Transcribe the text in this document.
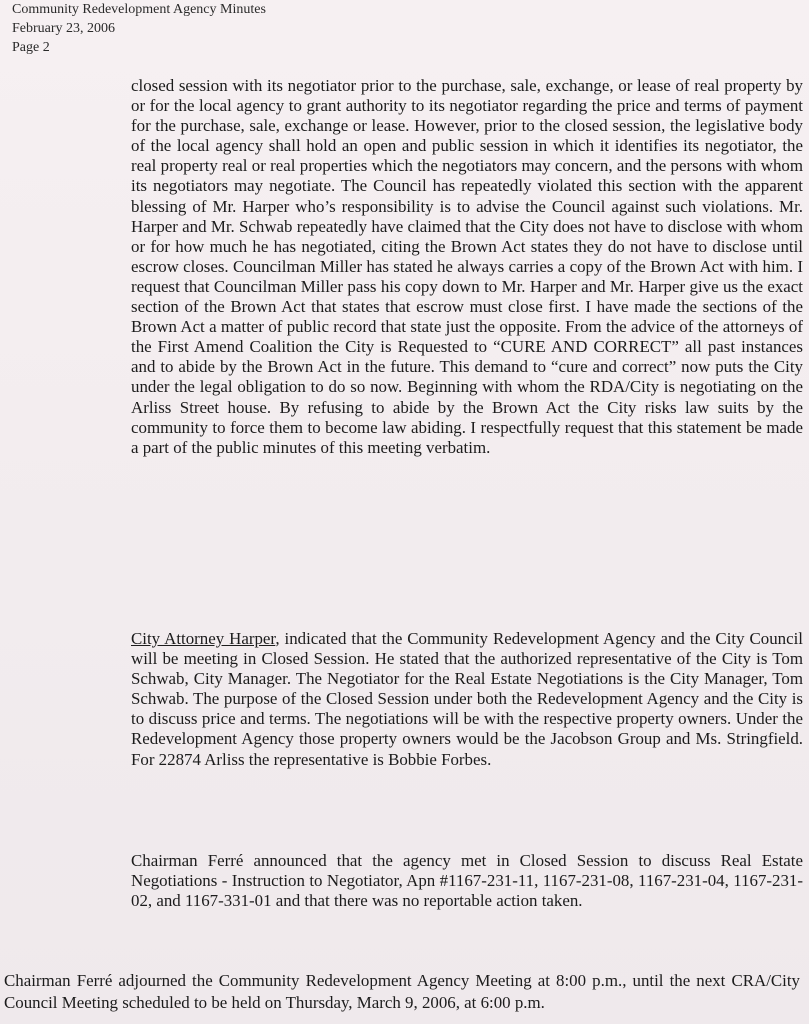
Community Redevelopment Agency Minutes
February 23, 2006
Page 2
closed session with its negotiator prior to the purchase, sale, exchange, or lease of real property by or for the local agency to grant authority to its negotiator regarding the price and terms of payment for the purchase, sale, exchange or lease. However, prior to the closed session, the legislative body of the local agency shall hold an open and public session in which it identifies its negotiator, the real property real or real properties which the negotiators may concern, and the persons with whom its negotiators may negotiate. The Council has repeatedly violated this section with the apparent blessing of Mr. Harper who’s responsibility is to advise the Council against such violations. Mr. Harper and Mr. Schwab repeatedly have claimed that the City does not have to disclose with whom or for how much he has negotiated, citing the Brown Act states they do not have to disclose until escrow closes. Councilman Miller has stated he always carries a copy of the Brown Act with him. I request that Councilman Miller pass his copy down to Mr. Harper and Mr. Harper give us the exact section of the Brown Act that states that escrow must close first. I have made the sections of the Brown Act a matter of public record that state just the opposite. From the advice of the attorneys of the First Amend Coalition the City is Requested to “CURE AND CORRECT” all past instances and to abide by the Brown Act in the future. This demand to “cure and correct” now puts the City under the legal obligation to do so now. Beginning with whom the RDA/City is negotiating on the Arliss Street house. By refusing to abide by the Brown Act the City risks law suits by the community to force them to become law abiding. I respectfully request that this statement be made a part of the public minutes of this meeting verbatim.
City Attorney Harper, indicated that the Community Redevelopment Agency and the City Council will be meeting in Closed Session. He stated that the authorized representative of the City is Tom Schwab, City Manager. The Negotiator for the Real Estate Negotiations is the City Manager, Tom Schwab. The purpose of the Closed Session under both the Redevelopment Agency and the City is to discuss price and terms. The negotiations will be with the respective property owners. Under the Redevelopment Agency those property owners would be the Jacobson Group and Ms. Stringfield. For 22874 Arliss the representative is Bobbie Forbes.
Chairman Ferré announced that the agency met in Closed Session to discuss Real Estate Negotiations - Instruction to Negotiator, Apn #1167-231-11, 1167-231-08, 1167-231-04, 1167-231-02, and 1167-331-01 and that there was no reportable action taken.
Chairman Ferré adjourned the Community Redevelopment Agency Meeting at 8:00 p.m., until the next CRA/City Council Meeting scheduled to be held on Thursday, March 9, 2006, at 6:00 p.m.
